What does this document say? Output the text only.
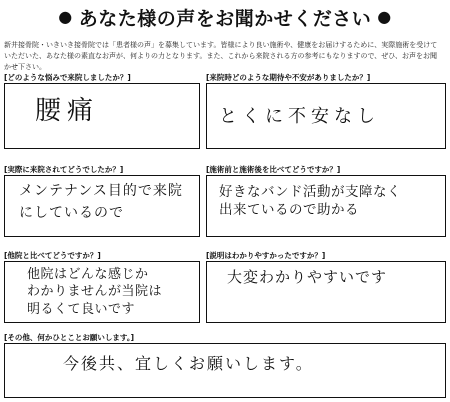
● あなた様の声をお聞かせください ●
新井接骨院・いきいき接骨院では「患者様の声」を募集しています。皆様により良い施術や、健康をお届けするために、実際施術を受けていただいた、あなた様の素直なお声が、何よりの力となります。また、これから来院される方の参考にもなりますので、ぜひ、お声をお聞かせ下さい。
[どのような悩みで来院しましたか？]
腰痛
[来院時どのような期待や不安がありましたか？]
とくに不安なし
[実際に来院されてどうでしたか？]
メンテナンス目的で来院
にしているので
[施術前と施術後を比べてどうですか？]
好きなバンド活動が支障なく
出来ているので助かる
[他院と比べてどうですか？]
他院はどんな感じか
わかりませんが当院は
明るくて良いです
[説明はわかりやすかったですか？]
大変わかりやすいです
[その他、何かひとことお願いします。]
今後共、宜しくお願いします。
